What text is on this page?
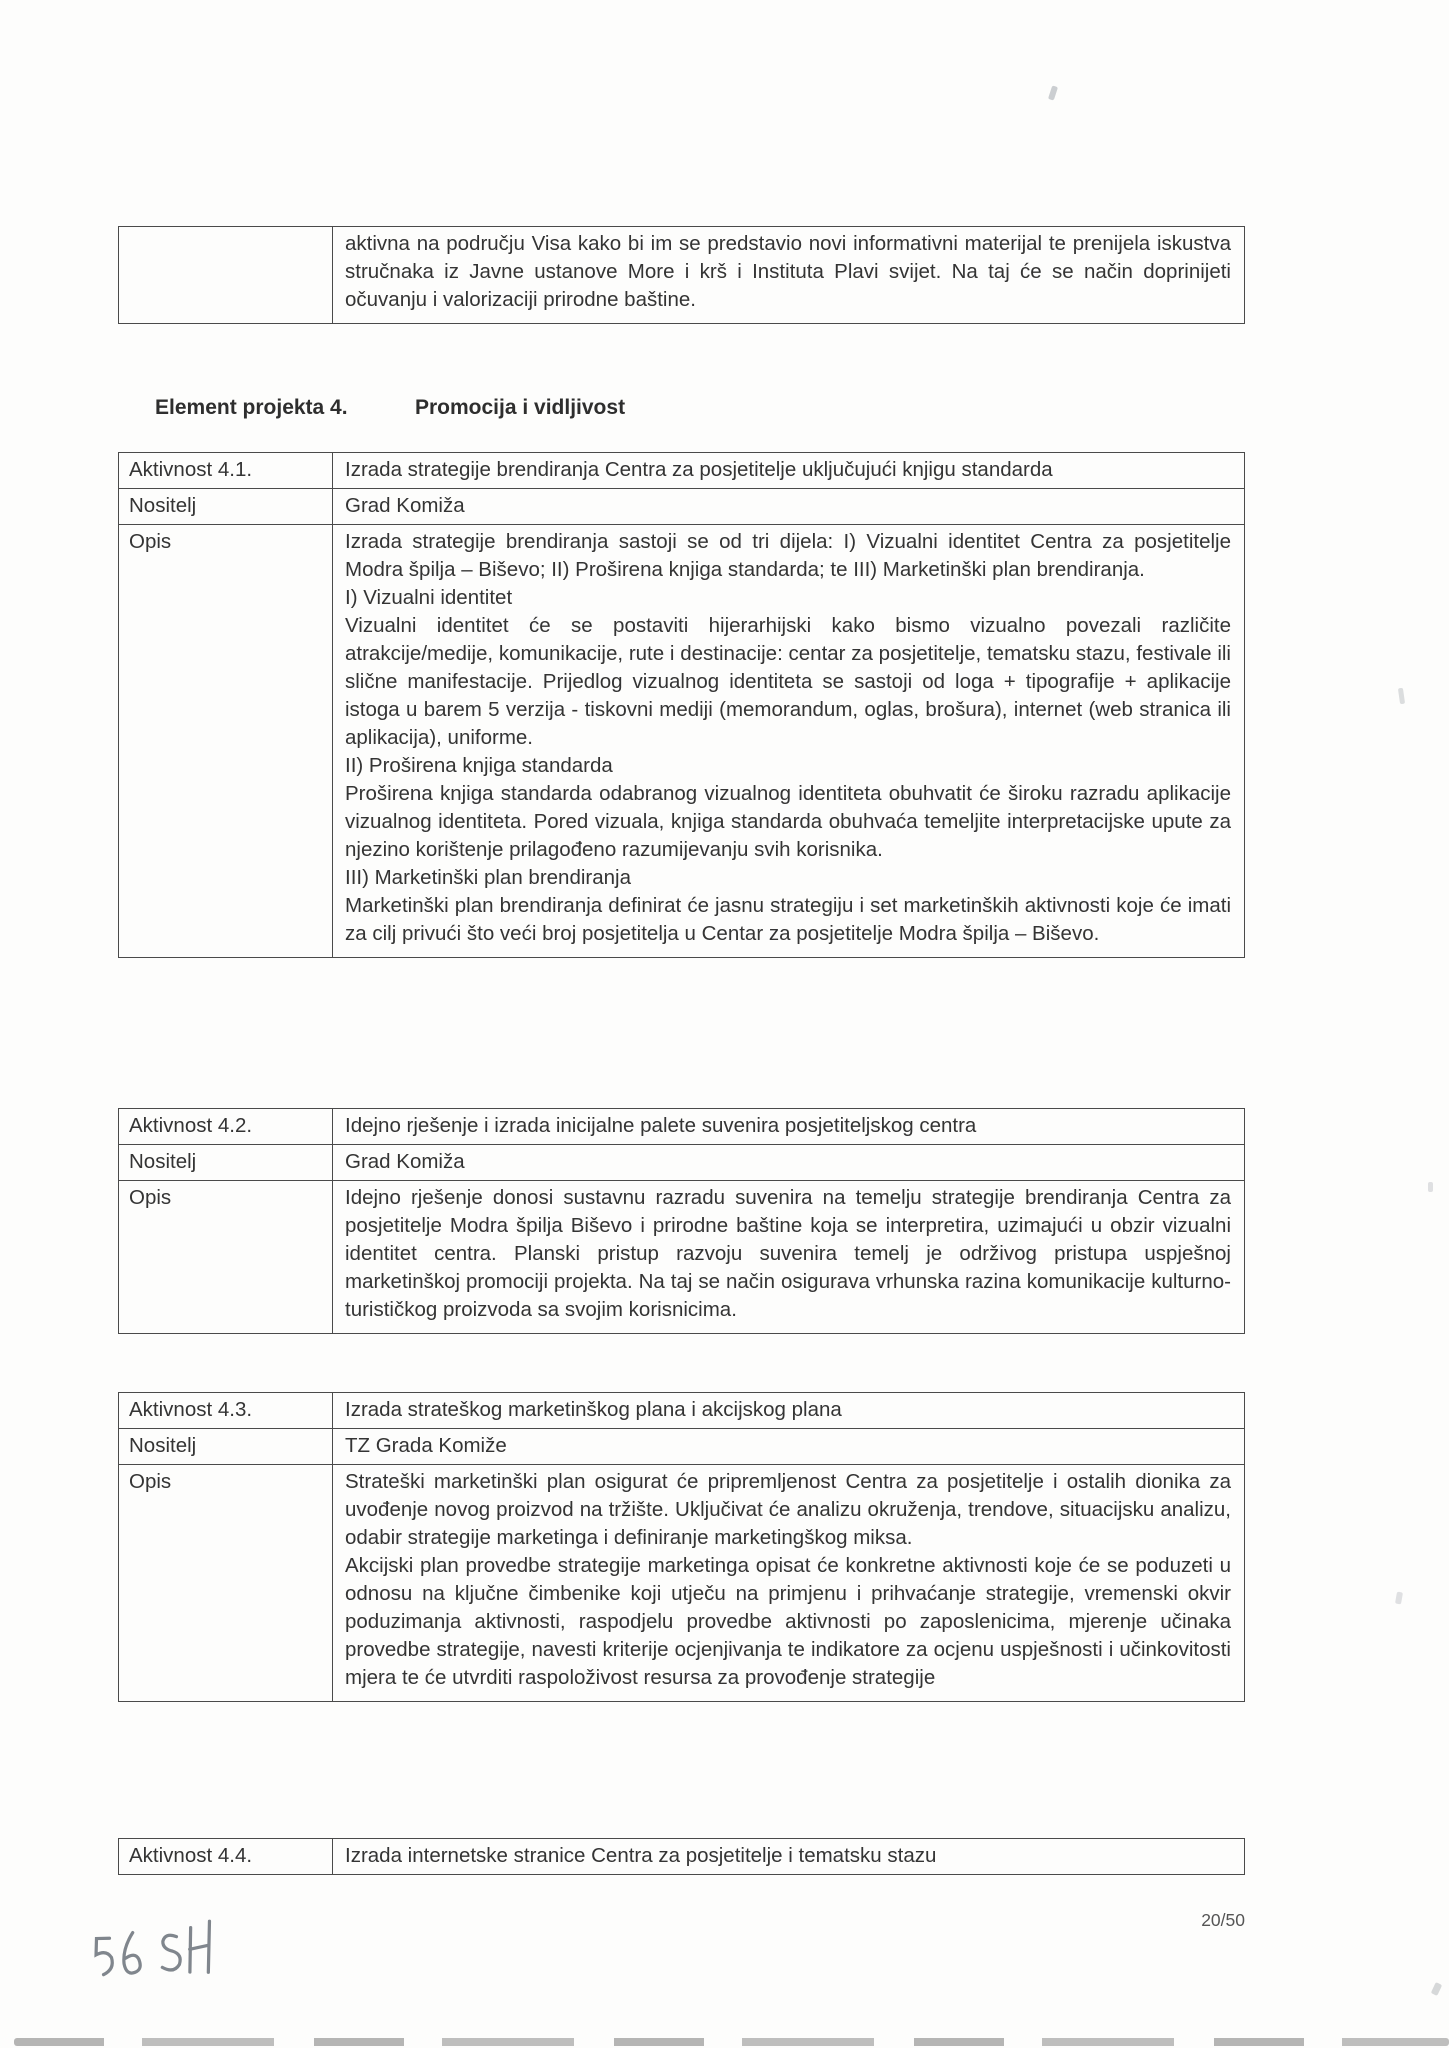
aktivna na području Visa kako bi im se predstavio novi informativni materijal te prenijela iskustva stručnaka iz Javne ustanove More i krš i Instituta Plavi svijet. Na taj će se način doprinijeti očuvanju i valorizaciji prirodne baštine.
Element projekta 4.	Promocija i vidljivost
Aktivnost 4.1.	Izrada strategije brendiranja Centra za posjetitelje uključujući knjigu standarda
Nositelj	Grad Komiža
Opis	Izrada strategije brendiranja sastoji se od tri dijela: I) Vizualni identitet Centra za posjetitelje Modra špilja – Biševo; II) Proširena knjiga standarda; te III) Marketinški plan brendiranja.
I) Vizualni identitet
Vizualni identitet će se postaviti hijerarhijski kako bismo vizualno povezali različite atrakcije/medije, komunikacije, rute i destinacije: centar za posjetitelje, tematsku stazu, festivale ili slične manifestacije. Prijedlog vizualnog identiteta se sastoji od loga + tipografije + aplikacije istoga u barem 5 verzija - tiskovni mediji (memorandum, oglas, brošura), internet (web stranica ili aplikacija), uniforme.
II) Proširena knjiga standarda
Proširena knjiga standarda odabranog vizualnog identiteta obuhvatit će široku razradu aplikacije vizualnog identiteta. Pored vizuala, knjiga standarda obuhvaća temeljite interpretacijske upute za njezino korištenje prilagođeno razumijevanju svih korisnika.
III) Marketinški plan brendiranja
Marketinški plan brendiranja definirat će jasnu strategiju i set marketinških aktivnosti koje će imati za cilj privući što veći broj posjetitelja u Centar za posjetitelje Modra špilja – Biševo.
Aktivnost 4.2.	Idejno rješenje i izrada inicijalne palete suvenira posjetiteljskog centra
Nositelj	Grad Komiža
Opis	Idejno rješenje donosi sustavnu razradu suvenira na temelju strategije brendiranja Centra za posjetitelje Modra špilja Biševo i prirodne baštine koja se interpretira, uzimajući u obzir vizualni identitet centra. Planski pristup razvoju suvenira temelj je održivog pristupa uspješnoj marketinškoj promociji projekta. Na taj se način osigurava vrhunska razina komunikacije kulturno-turističkog proizvoda sa svojim korisnicima.
Aktivnost 4.3.	Izrada strateškog marketinškog plana i akcijskog plana
Nositelj	TZ Grada Komiže
Opis	Strateški marketinški plan osigurat će pripremljenost Centra za posjetitelje i ostalih dionika za uvođenje novog proizvod na tržište. Uključivat će analizu okruženja, trendove, situacijsku analizu, odabir strategije marketinga i definiranje marketingškog miksa.
Akcijski plan provedbe strategije marketinga opisat će konkretne aktivnosti koje će se poduzeti u odnosu na ključne čimbenike koji utječu na primjenu i prihvaćanje strategije, vremenski okvir poduzimanja aktivnosti, raspodjelu provedbe aktivnosti po zaposlenicima, mjerenje učinaka provedbe strategije, navesti kriterije ocjenjivanja te indikatore za ocjenu uspješnosti i učinkovitosti mjera te će utvrditi raspoloživost resursa za provođenje strategije
Aktivnost 4.4.	Izrada internetske stranice Centra za posjetitelje i tematsku stazu
20/50
